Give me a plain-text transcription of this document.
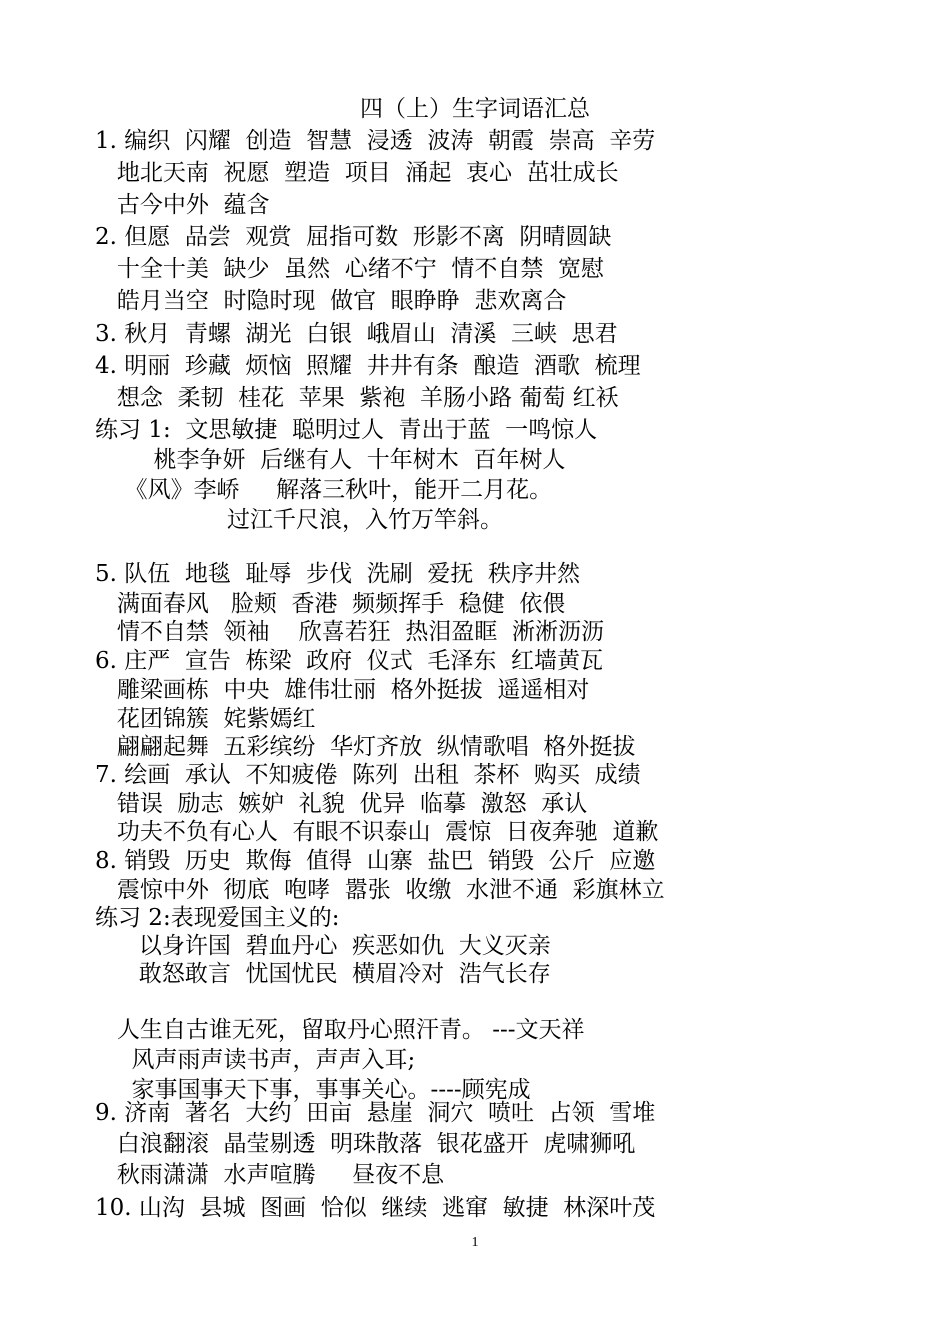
四（上）生字词语汇总
1. 编织  闪耀  创造  智慧  浸透  波涛  朝霞  崇高  辛劳
地北天南  祝愿  塑造  项目  涌起  衷心  茁壮成长
古今中外  蕴含
2. 但愿  品尝  观赏  屈指可数  形影不离  阴晴圆缺
十全十美  缺少  虽然  心绪不宁  情不自禁  宽慰
皓月当空  时隐时现  做官  眼睁睁  悲欢离合
3. 秋月  青螺  湖光  白银  峨眉山  清溪  三峡  思君
4. 明丽  珍藏  烦恼  照耀  井井有条  酿造  酒歌  梳理
想念  柔韧  桂花  苹果  紫袍  羊肠小路 葡萄 红袄
练习 1:  文思敏捷  聪明过人  青出于蓝  一鸣惊人
桃李争妍  后继有人  十年树木  百年树人
《风》李峤     解落三秋叶，能开二月花。
过江千尺浪，入竹万竿斜。
5. 队伍  地毯  耻辱  步伐  洗刷  爱抚  秩序井然
满面春风   脸颊  香港  频频挥手  稳健  依偎
情不自禁  领袖    欣喜若狂  热泪盈眶  淅淅沥沥
6. 庄严  宣告  栋梁  政府  仪式  毛泽东  红墙黄瓦
雕梁画栋  中央  雄伟壮丽  格外挺拔  遥遥相对
花团锦簇  姹紫嫣红
翩翩起舞  五彩缤纷  华灯齐放  纵情歌唱  格外挺拔
7. 绘画  承认  不知疲倦  陈列  出租  茶杯  购买  成绩
错误  励志  嫉妒  礼貌  优异  临摹  激怒  承认
功夫不负有心人  有眼不识泰山  震惊  日夜奔驰  道歉
8. 销毁  历史  欺侮  值得  山寨  盐巴  销毁  公斤  应邀
震惊中外  彻底  咆哮  嚣张  收缴  水泄不通  彩旗林立
练习 2:表现爱国主义的:
以身许国  碧血丹心  疾恶如仇  大义灭亲
敢怒敢言  忧国忧民  横眉冷对  浩气长存
人生自古谁无死，留取丹心照汗青。 ---文天祥
风声雨声读书声，声声入耳;
家事国事天下事，事事关心。----顾宪成
9. 济南  著名  大约  田亩  悬崖  洞穴  喷吐  占领  雪堆
白浪翻滚  晶莹剔透  明珠散落  银花盛开  虎啸狮吼
秋雨潇潇  水声喧腾     昼夜不息
10. 山沟  县城  图画  恰似  继续  逃窜  敏捷  林深叶茂
1
